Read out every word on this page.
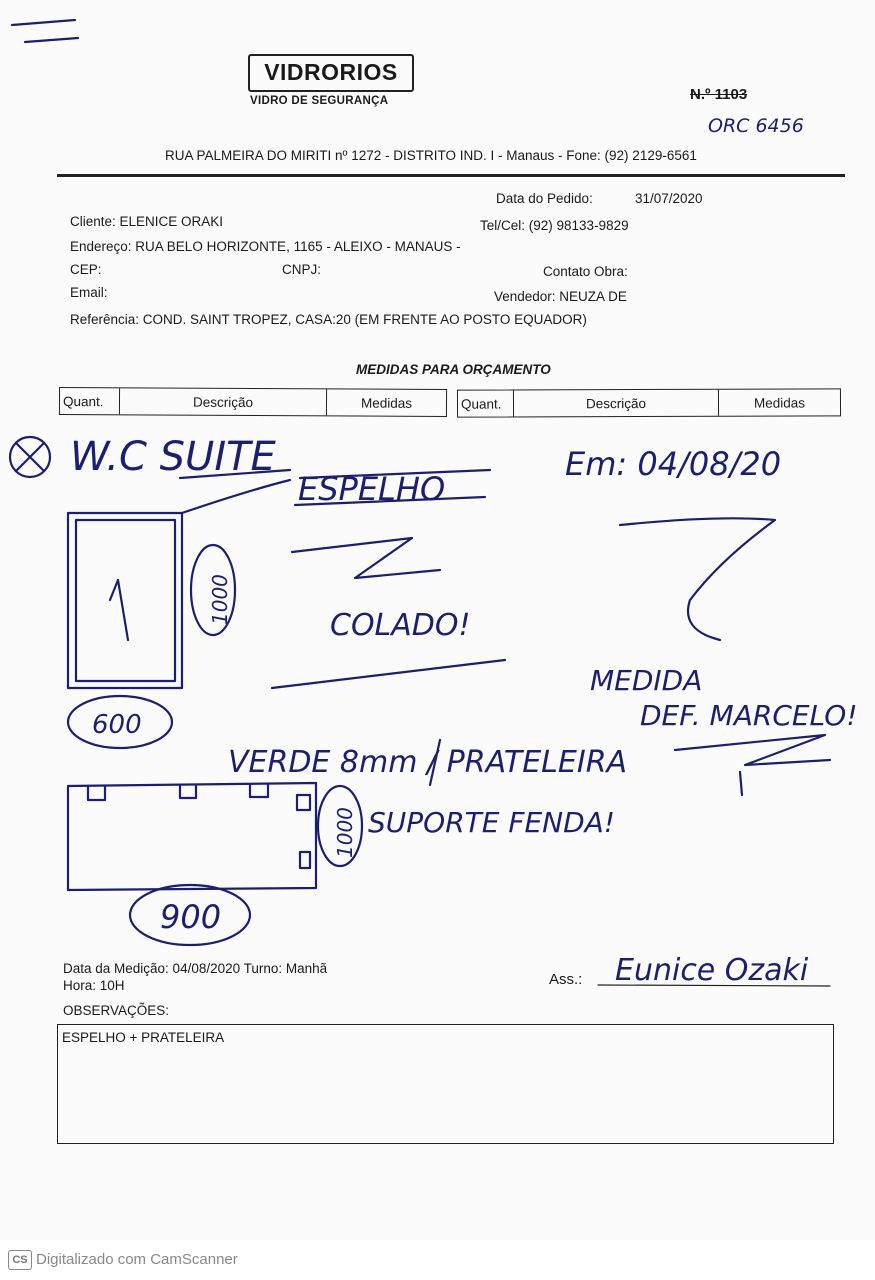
VIDRORIOS
VIDRO DE SEGURANÇA	N.º 1103
RUA PALMEIRA DO MIRITI nº 1272 - DISTRITO IND. I - Manaus - Fone: (92) 2129-6561
Data do Pedido:	31/07/2020
Cliente: ELENICE ORAKI	Tel/Cel: (92) 98133-9829
Endereço: RUA BELO HORIZONTE, 1165 - ALEIXO - MANAUS -
CEP:	CNPJ:	Contato Obra:
Email:	Vendedor: NEUZA DE
Referência: COND. SAINT TROPEZ, CASA:20 (EM FRENTE AO POSTO EQUADOR)
MEDIDAS PARA ORÇAMENTO
Quant.	Descrição	Medidas	Quant.	Descrição	Medidas
W.C SUITE
ESPELHO
Em: 04/08/20
COLADO!
MEDIDA
DEF. MARCELO!
1000
600
VERDE 8mm / PRATELEIRA
1000 SUPORTE FENDA!
900
ORC 6456
Eunice Ozaki
Data da Medição: 04/08/2020 Turno: Manhã
Hora: 10H	Ass.:
OBSERVAÇÕES:
ESPELHO + PRATELEIRA
CS Digitalizado com CamScanner
